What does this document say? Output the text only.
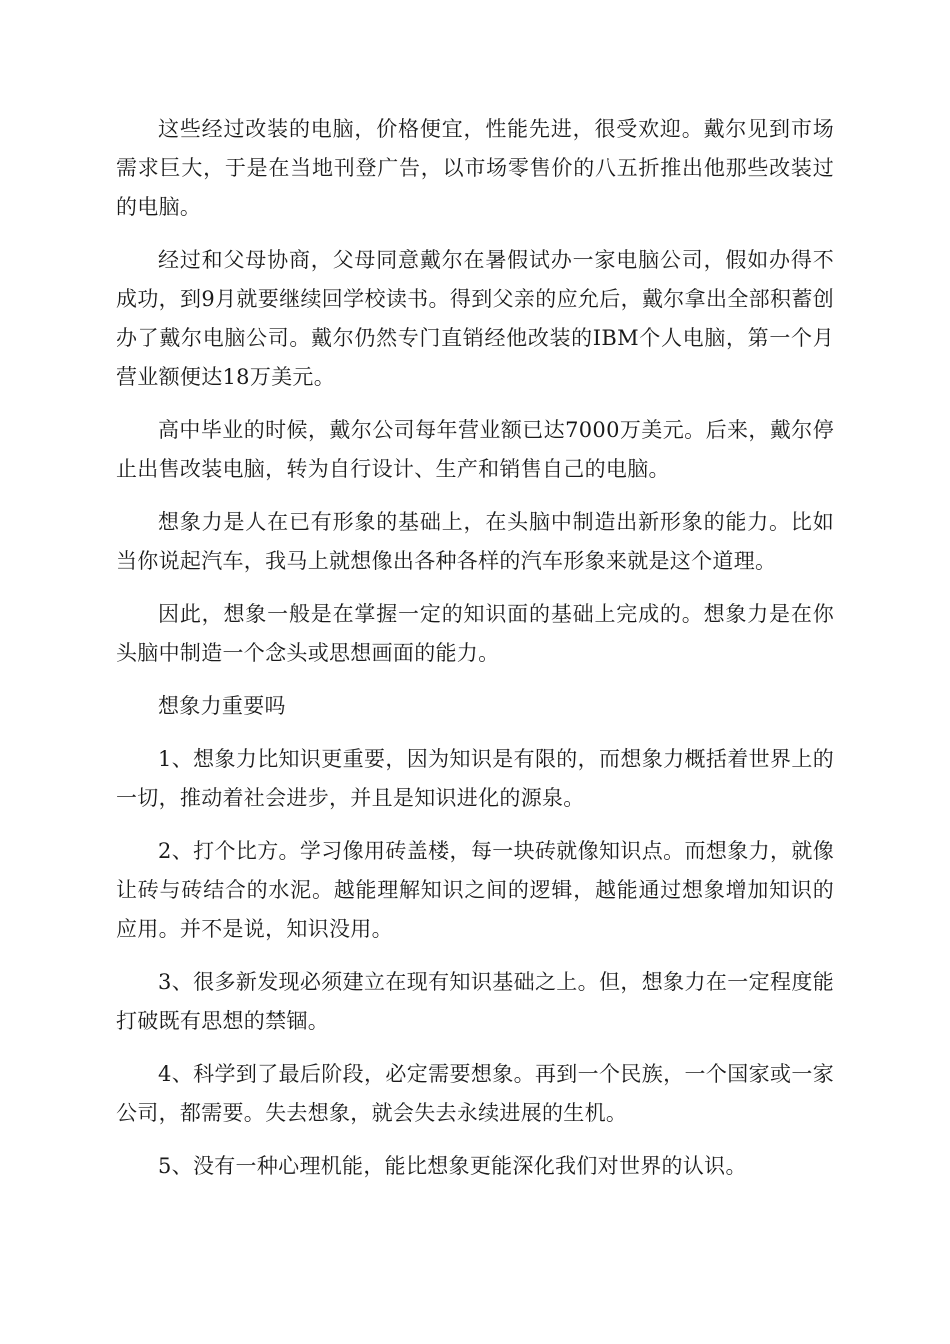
这些经过改装的电脑，价格便宜，性能先进，很受欢迎。戴尔见到市场需求巨大，于是在当地刊登广告，以市场零售价的八五折推出他那些改装过的电脑。

经过和父母协商，父母同意戴尔在暑假试办一家电脑公司，假如办得不成功，到9月就要继续回学校读书。得到父亲的应允后，戴尔拿出全部积蓄创办了戴尔电脑公司。戴尔仍然专门直销经他改装的IBM个人电脑，第一个月营业额便达18万美元。

高中毕业的时候，戴尔公司每年营业额已达7000万美元。后来，戴尔停止出售改装电脑，转为自行设计、生产和销售自己的电脑。

想象力是人在已有形象的基础上，在头脑中制造出新形象的能力。比如当你说起汽车，我马上就想像出各种各样的汽车形象来就是这个道理。

因此，想象一般是在掌握一定的知识面的基础上完成的。想象力是在你头脑中制造一个念头或思想画面的能力。

想象力重要吗

1、想象力比知识更重要，因为知识是有限的，而想象力概括着世界上的一切，推动着社会进步，并且是知识进化的源泉。

2、打个比方。学习像用砖盖楼，每一块砖就像知识点。而想象力，就像让砖与砖结合的水泥。越能理解知识之间的逻辑，越能通过想象增加知识的应用。并不是说，知识没用。

3、很多新发现必须建立在现有知识基础之上。但，想象力在一定程度能打破既有思想的禁锢。

4、科学到了最后阶段，必定需要想象。再到一个民族，一个国家或一家公司，都需要。失去想象，就会失去永续进展的生机。

5、没有一种心理机能，能比想象更能深化我们对世界的认识。
